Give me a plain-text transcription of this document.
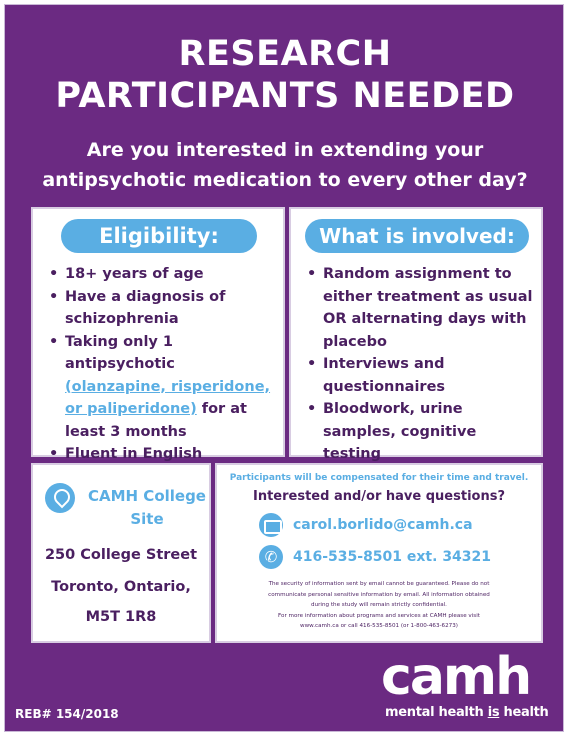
RESEARCH
PARTICIPANTS NEEDED
Are you interested in extending your
antipsychotic medication to every other day?
Eligibility:
• 18+ years of age
• Have a diagnosis of schizophrenia
• Taking only 1 antipsychotic (olanzapine, risperidone, or paliperidone) for at least 3 months
• Fluent in English
What is involved:
• Random assignment to either treatment as usual OR alternating days with placebo
• Interviews and questionnaires
• Bloodwork, urine samples, cognitive testing
CAMH College
Site
250 College Street
Toronto, Ontario,
M5T 1R8
Participants will be compensated for their time and travel.
Interested and/or have questions?
carol.borlido@camh.ca
✆
416-535-8501 ext. 34321
The security of information sent by email cannot be guaranteed. Please do not
communicate personal sensitive information by email. All information obtained
during the study will remain strictly confidential.
For more information about programs and services at CAMH please visit
www.camh.ca or call 416-535-8501 (or 1-800-463-6273)
REB# 154/2018
camh
mental health is health
